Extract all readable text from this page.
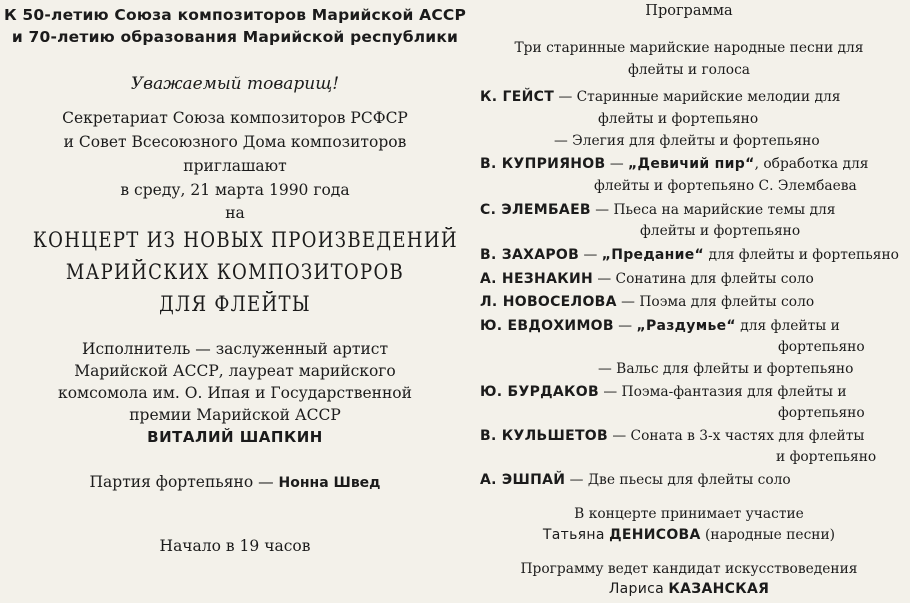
К 50-летию Союза композиторов Марийской АССР
и 70-летию образования Марийской республики
Уважаемый товарищ!
Секретариат Союза композиторов РСФСР
и Совет Всесоюзного Дома композиторов
приглашают
в среду, 21 марта 1990 года
на
КОНЦЕРТ ИЗ НОВЫХ ПРОИЗВЕДЕНИЙ
МАРИЙСКИХ КОМПОЗИТОРОВ
ДЛЯ ФЛЕЙТЫ
Исполнитель — заслуженный артист
Марийской АССР, лауреат марийского
комсомола им. О. Ипая и Государственной
премии Марийской АССР
ВИТАЛИЙ ШАПКИН
Партия фортепьяно — Нонна Швед
Начало в 19 часов
Программа
Три старинные марийские народные песни для
флейты и голоса
К. ГЕЙСТ — Старинные марийские мелодии для
флейты и фортепьяно
— Элегия для флейты и фортепьяно
В. КУПРИЯНОВ — „Девичий пир“, обработка для
флейты и фортепьяно С. Элембаева
С. ЭЛЕМБАЕВ — Пьеса на марийские темы для
флейты и фортепьяно
В. ЗАХАРОВ — „Предание“ для флейты и фортепьяно
А. НЕЗНАКИН — Сонатина для флейты соло
Л. НОВОСЕЛОВА — Поэма для флейты соло
Ю. ЕВДОХИМОВ — „Раздумье“ для флейты и
фортепьяно
— Вальс для флейты и фортепьяно
Ю. БУРДАКОВ — Поэма-фантазия для флейты и
фортепьяно
В. КУЛЬШЕТОВ — Соната в 3-х частях для флейты
и фортепьяно
А. ЭШПАЙ — Две пьесы для флейты соло
В концерте принимает участие
Татьяна ДЕНИСОВА (народные песни)
Программу ведет кандидат искусствоведения
Лариса КАЗАНСКАЯ
